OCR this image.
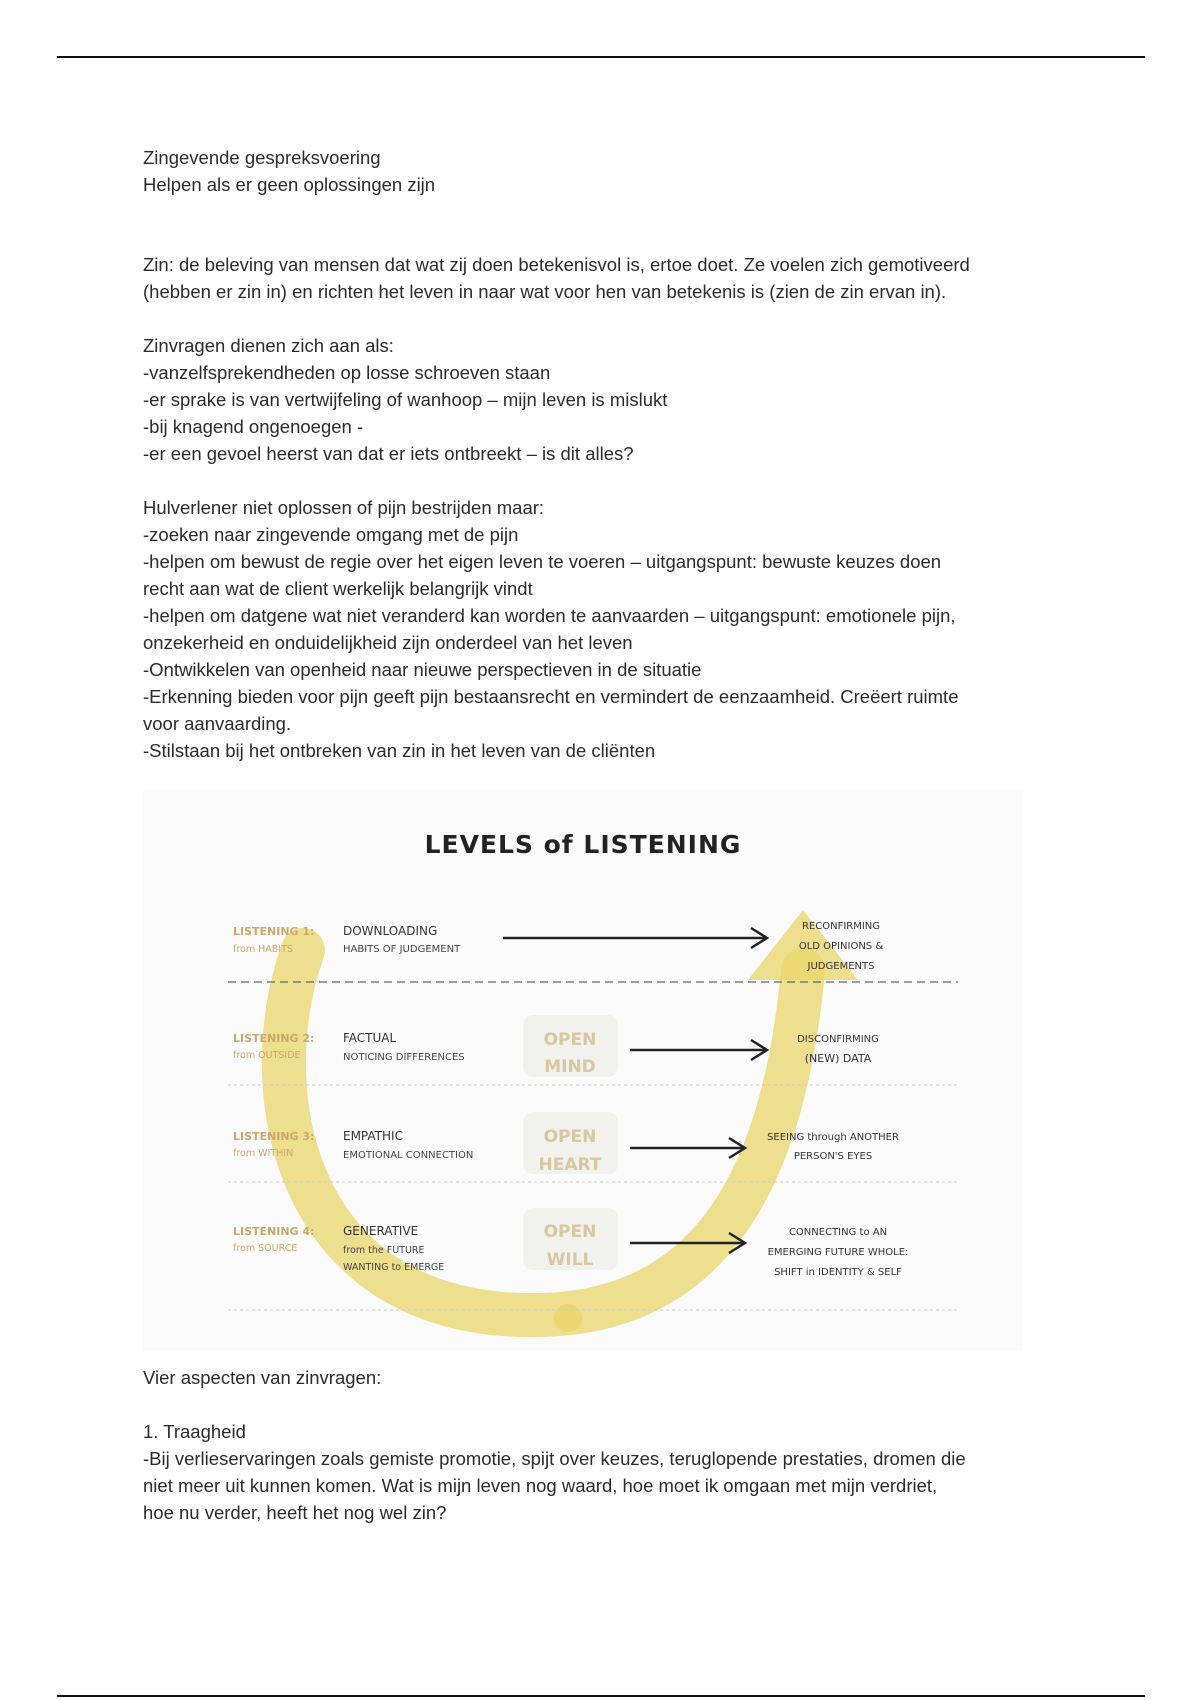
Zingevende gespreksvoering

Helpen als er geen oplossingen zijn

Zin: de beleving van mensen dat wat zij doen betekenisvol is, ertoe doet. Ze voelen zich gemotiveerd

(hebben er zin in) en richten het leven in naar wat voor hen van betekenis is (zien de zin ervan in).

Zinvragen dienen zich aan als:

-vanzelfsprekendheden op losse schroeven staan

-er sprake is van vertwijfeling of wanhoop – mijn leven is mislukt

-bij knagend ongenoegen -

-er een gevoel heerst van dat er iets ontbreekt – is dit alles?

Hulverlener niet oplossen of pijn bestrijden maar:

-zoeken naar zingevende omgang met de pijn

-helpen om bewust de regie over het eigen leven te voeren – uitgangspunt: bewuste keuzes doen

recht aan wat de client werkelijk belangrijk vindt

-helpen om datgene wat niet veranderd kan worden te aanvaarden – uitgangspunt: emotionele pijn,

onzekerheid en onduidelijkheid zijn onderdeel van het leven

-Ontwikkelen van openheid naar nieuwe perspectieven in de situatie

-Erkenning bieden voor pijn geeft pijn bestaansrecht en vermindert de eenzaamheid. Creëert ruimte

voor aanvaarding.

-Stilstaan bij het ontbreken van zin in het leven van de cliënten

LEVELS of LISTENING
LISTENING 1:
from HABITS
DOWNLOADING
HABITS OF JUDGEMENT
RECONFIRMING
OLD OPINIONS &
JUDGEMENTS
OPEN
MIND
LISTENING 2:
from OUTSIDE
FACTUAL
NOTICING DIFFERENCES
DISCONFIRMING
(NEW) DATA
OPEN
HEART
LISTENING 3:
from WITHIN
EMPATHIC
EMOTIONAL CONNECTION
SEEING through ANOTHER
PERSON'S EYES
OPEN
WILL
LISTENING 4:
from SOURCE
GENERATIVE
from the FUTURE
WANTING to EMERGE
CONNECTING to AN
EMERGING FUTURE WHOLE:
SHIFT in IDENTITY & SELF

Vier aspecten van zinvragen:

1. Traagheid

-Bij verlieservaringen zoals gemiste promotie, spijt over keuzes, teruglopende prestaties, dromen die

niet meer uit kunnen komen. Wat is mijn leven nog waard, hoe moet ik omgaan met mijn verdriet,

hoe nu verder, heeft het nog wel zin?
